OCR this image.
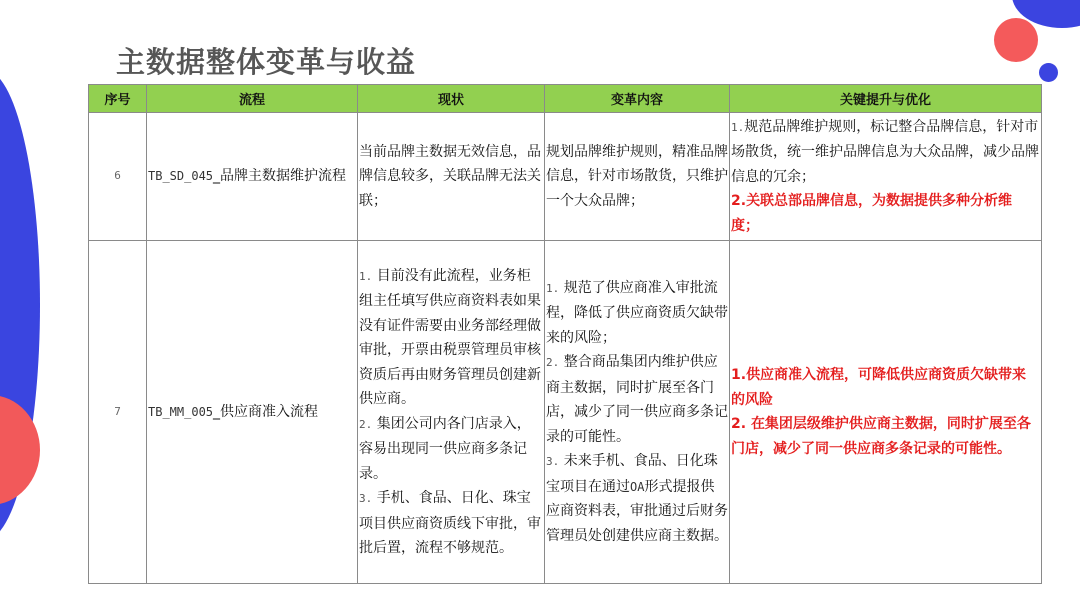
主数据整体变革与收益
序号	流程	现状	变革内容	关键提升与优化
6	TB_SD_045_品牌主数据维护流程	当前品牌主数据无效信息，品牌信息较多，关联品牌无法关联；	规划品牌维护规则，精准品牌信息，针对市场散货，只维护一个大众品牌；	1.规范品牌维护规则，标记整合品牌信息，针对市场散货，统一维护品牌信息为大众品牌，减少品牌信息的冗余；
2.关联总部品牌信息，为数据提供多种分析维度；

7	TB_MM_005_供应商准入流程	1. 目前没有此流程，业务柜组主任填写供应商资料表如果没有证件需要由业务部经理做审批，开票由税票管理员审核资质后再由财务管理员创建新供应商。
2. 集团公司内各门店录入，容易出现同一供应商多条记录。
3. 手机、食品、日化、珠宝项目供应商资质线下审批，审批后置，流程不够规范。	1. 规范了供应商准入审批流程，降低了供应商资质欠缺带来的风险；
2. 整合商品集团内维护供应商主数据，同时扩展至各门店，减少了同一供应商多条记录的可能性。
3. 未来手机、食品、日化珠宝项目在通过OA形式提报供应商资料表，审批通过后财务管理员处创建供应商主数据。	1.供应商准入流程，可降低供应商资质欠缺带来的风险
2. 在集团层级维护供应商主数据，同时扩展至各门店，减少了同一供应商多条记录的可能性。
